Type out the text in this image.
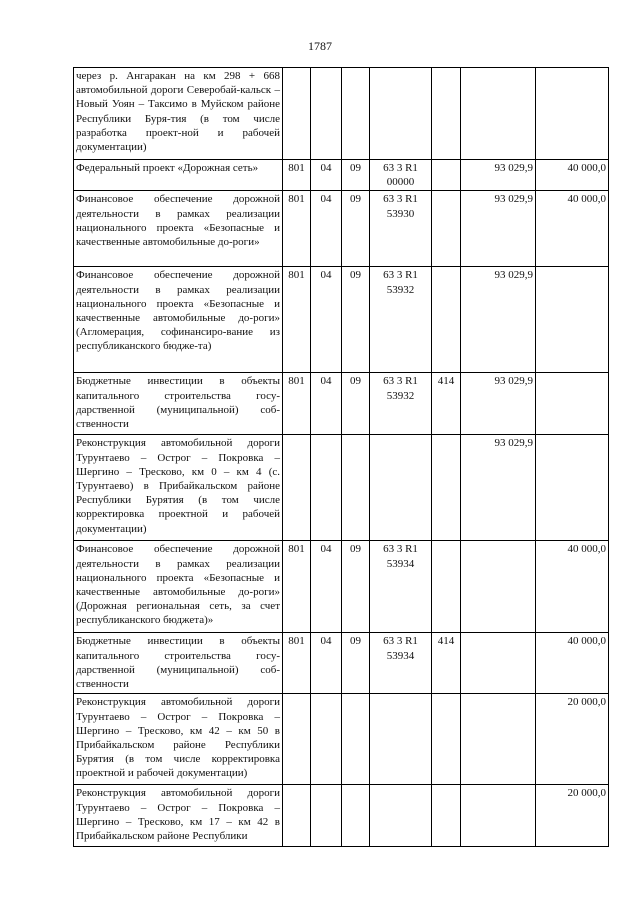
1787
через р. Ангаракан на км 298 + 668 автомобильной дороги Северобай-кальск – Новый Уоян – Таксимо в Муйском районе Республики Буря-тия (в том числе разработка проект-ной и рабочей документации)							
Федеральный проект «Дорожная сеть»	801	04	09	63 3 R1 00000		93 029,9	40 000,0
Финансовое обеспечение дорожной деятельности в рамках реализации национального проекта «Безопасные и качественные автомобильные до-роги»	801	04	09	63 3 R1 53930		93 029,9	40 000,0
Финансовое обеспечение дорожной деятельности в рамках реализации национального проекта «Безопасные и качественные автомобильные до-роги» (Агломерация, софинансиро-вание из республиканского бюдже-та)	801	04	09	63 3 R1 53932		93 029,9	
Бюджетные инвестиции в объекты капитального строительства госу-дарственной (муниципальной) соб-ственности	801	04	09	63 3 R1 53932	414	93 029,9	
Реконструкция автомобильной дороги Турунтаево – Острог – Покровка – Шергино – Тресково, км 0 – км 4 (с. Турунтаево) в Прибайкальском районе Республики Бурятия (в том числе корректировка проектной и рабочей документации)						93 029,9	
Финансовое обеспечение дорожной деятельности в рамках реализации национального проекта «Безопасные и качественные автомобильные до-роги» (Дорожная региональная сеть, за счет республиканского бюджета)»	801	04	09	63 3 R1 53934			40 000,0
Бюджетные инвестиции в объекты капитального строительства госу-дарственной (муниципальной) соб-ственности	801	04	09	63 3 R1 53934	414		40 000,0
Реконструкция автомобильной дороги Турунтаево – Острог – Покровка – Шергино – Тресково, км 42 – км 50 в Прибайкальском районе Республики Бурятия (в том числе корректировка проектной и рабочей документации)							20 000,0
Реконструкция автомобильной дороги Турунтаево – Острог – Покровка – Шергино – Тресково, км 17 – км 42 в Прибайкальском районе Республики							20 000,0
